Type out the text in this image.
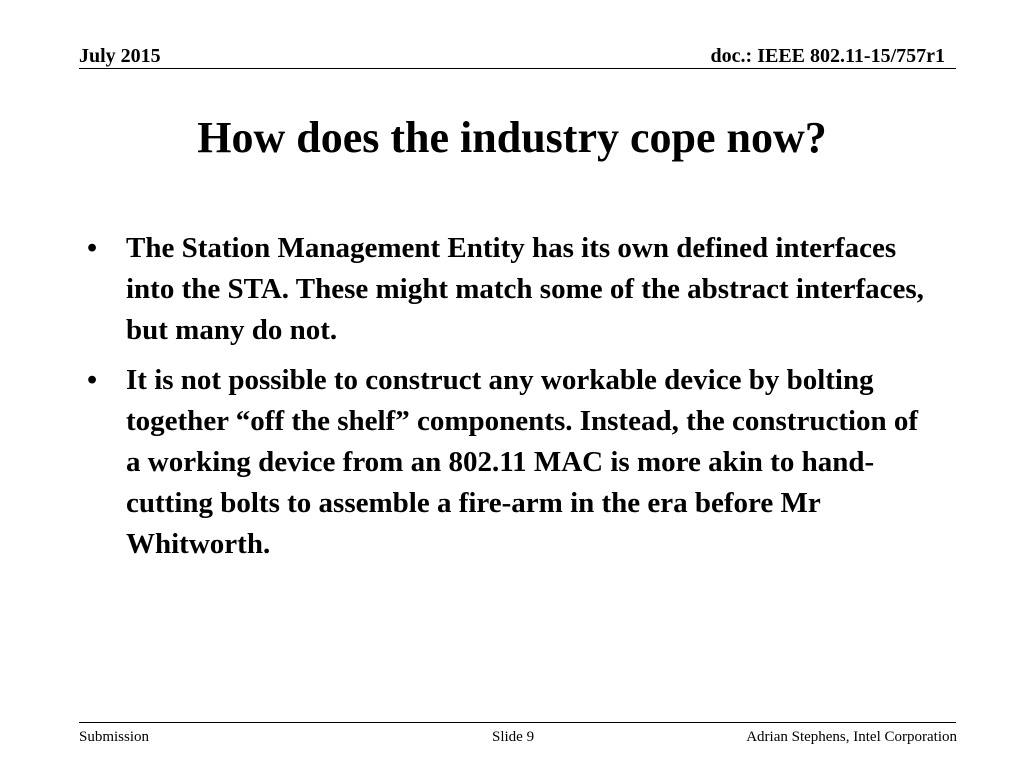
July 2015	doc.: IEEE 802.11-15/757r1
How does the industry cope now?
• The Station Management Entity has its own defined interfaces into the STA. These might match some of the abstract interfaces, but many do not.
• It is not possible to construct any workable device by bolting together “off the shelf” components. Instead, the construction of a working device from an 802.11 MAC is more akin to hand-cutting bolts to assemble a fire-arm in the era before Mr Whitworth.
Submission	Slide 9	Adrian Stephens, Intel Corporation
